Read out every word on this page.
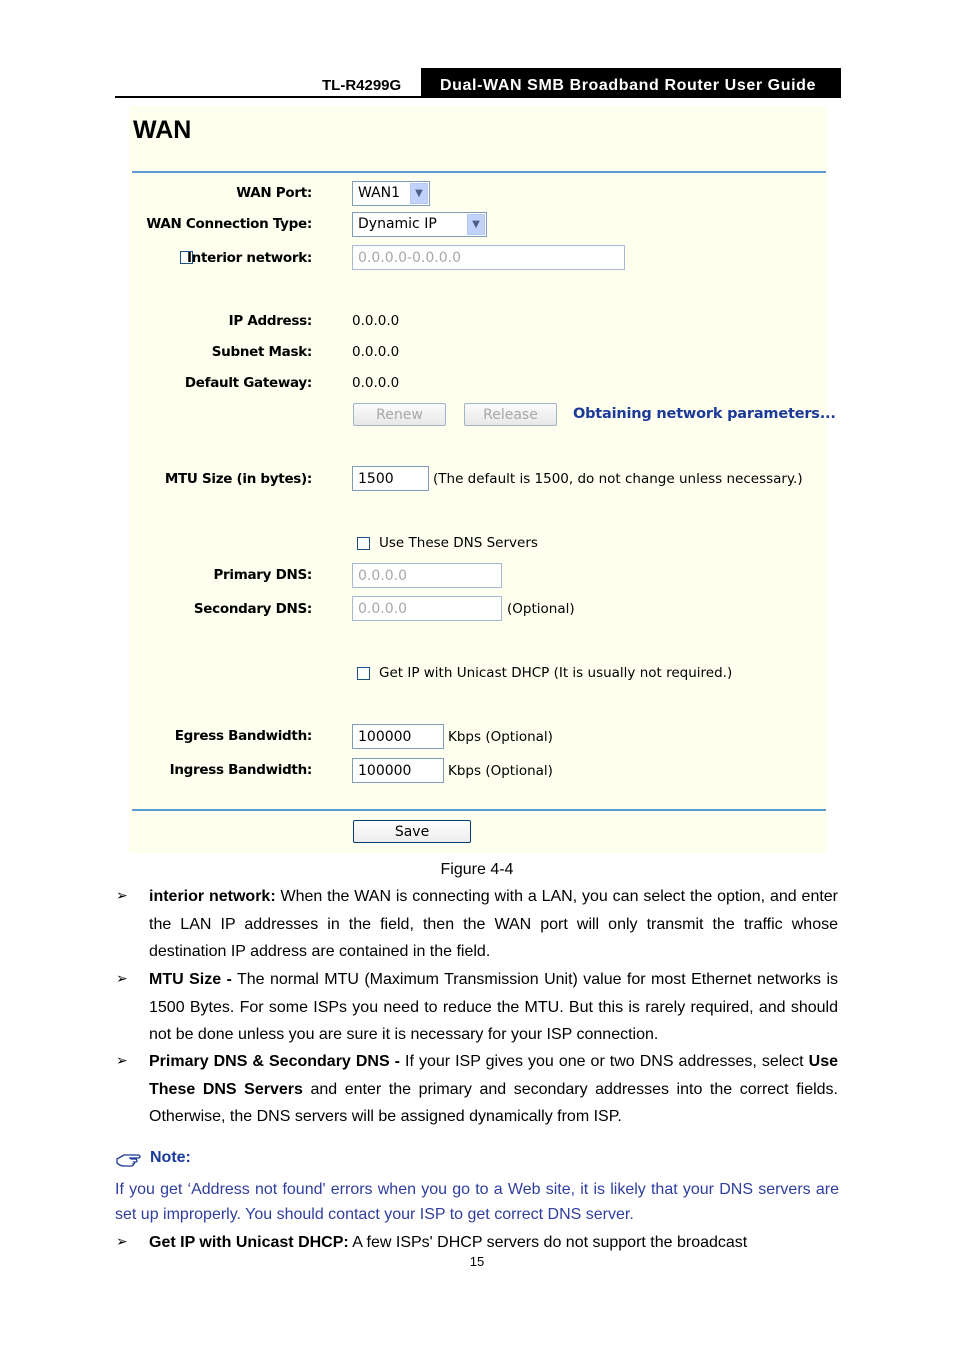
TL-R4299G	Dual-WAN SMB Broadband Router User Guide
WAN
WAN Port:	WAN1	▼
WAN Connection Type:	Dynamic IP	▼
Interior network:	0.0.0.0-0.0.0.0
IP Address:	0.0.0.0
Subnet Mask:	0.0.0.0
Default Gateway:	0.0.0.0
Renew	Release	Obtaining network parameters...
MTU Size (in bytes):	1500	(The default is 1500, do not change unless necessary.)
Use These DNS Servers
Primary DNS:	0.0.0.0
Secondary DNS:	0.0.0.0	(Optional)
Get IP with Unicast DHCP (It is usually not required.)
Egress Bandwidth:	100000	Kbps (Optional)
Ingress Bandwidth:	100000	Kbps (Optional)
Save
Figure 4-4
➢ interior network: When the WAN is connecting with a LAN, you can select the option, and enter the LAN IP addresses in the field, then the WAN port will only transmit the traffic whose destination IP address are contained in the field.
➢ MTU Size - The normal MTU (Maximum Transmission Unit) value for most Ethernet networks is 1500 Bytes. For some ISPs you need to reduce the MTU. But this is rarely required, and should not be done unless you are sure it is necessary for your ISP connection.
➢ Primary DNS & Secondary DNS - If your ISP gives you one or two DNS addresses, select Use These DNS Servers and enter the primary and secondary addresses into the correct fields. Otherwise, the DNS servers will be assigned dynamically from ISP.
Note:
If you get ‘Address not found' errors when you go to a Web site, it is likely that your DNS servers are set up improperly. You should contact your ISP to get correct DNS server.
➢ Get IP with Unicast DHCP: A few ISPs' DHCP servers do not support the broadcast
15
